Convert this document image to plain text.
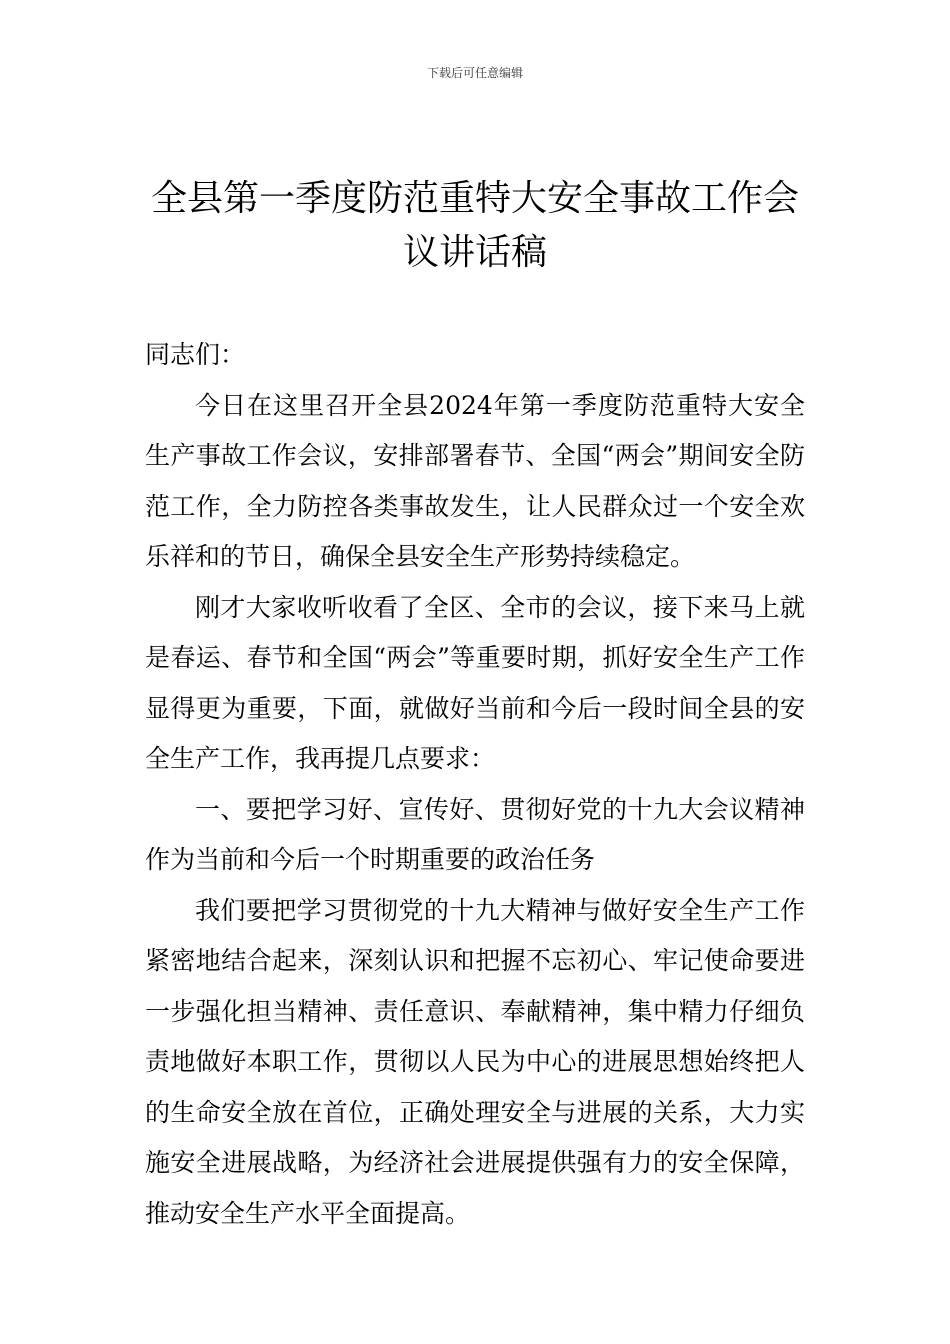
下载后可任意编辑
全县第一季度防范重特大安全事故工作会议讲话稿

同志们：

今日在这里召开全县2024年第一季度防范重特大安全生产事故工作会议，安排部署春节、全国“两会”期间安全防范工作，全力防控各类事故发生，让人民群众过一个安全欢乐祥和的节日，确保全县安全生产形势持续稳定。

刚才大家收听收看了全区、全市的会议，接下来马上就是春运、春节和全国“两会”等重要时期，抓好安全生产工作显得更为重要，下面，就做好当前和今后一段时间全县的安全生产工作，我再提几点要求：

一、要把学习好、宣传好、贯彻好党的十九大会议精神作为当前和今后一个时期重要的政治任务

我们要把学习贯彻党的十九大精神与做好安全生产工作紧密地结合起来，深刻认识和把握不忘初心、牢记使命要进一步强化担当精神、责任意识、奉献精神，集中精力仔细负责地做好本职工作，贯彻以人民为中心的进展思想始终把人的生命安全放在首位，正确处理安全与进展的关系，大力实施安全进展战略，为经济社会进展提供强有力的安全保障，推动安全生产水平全面提高。
